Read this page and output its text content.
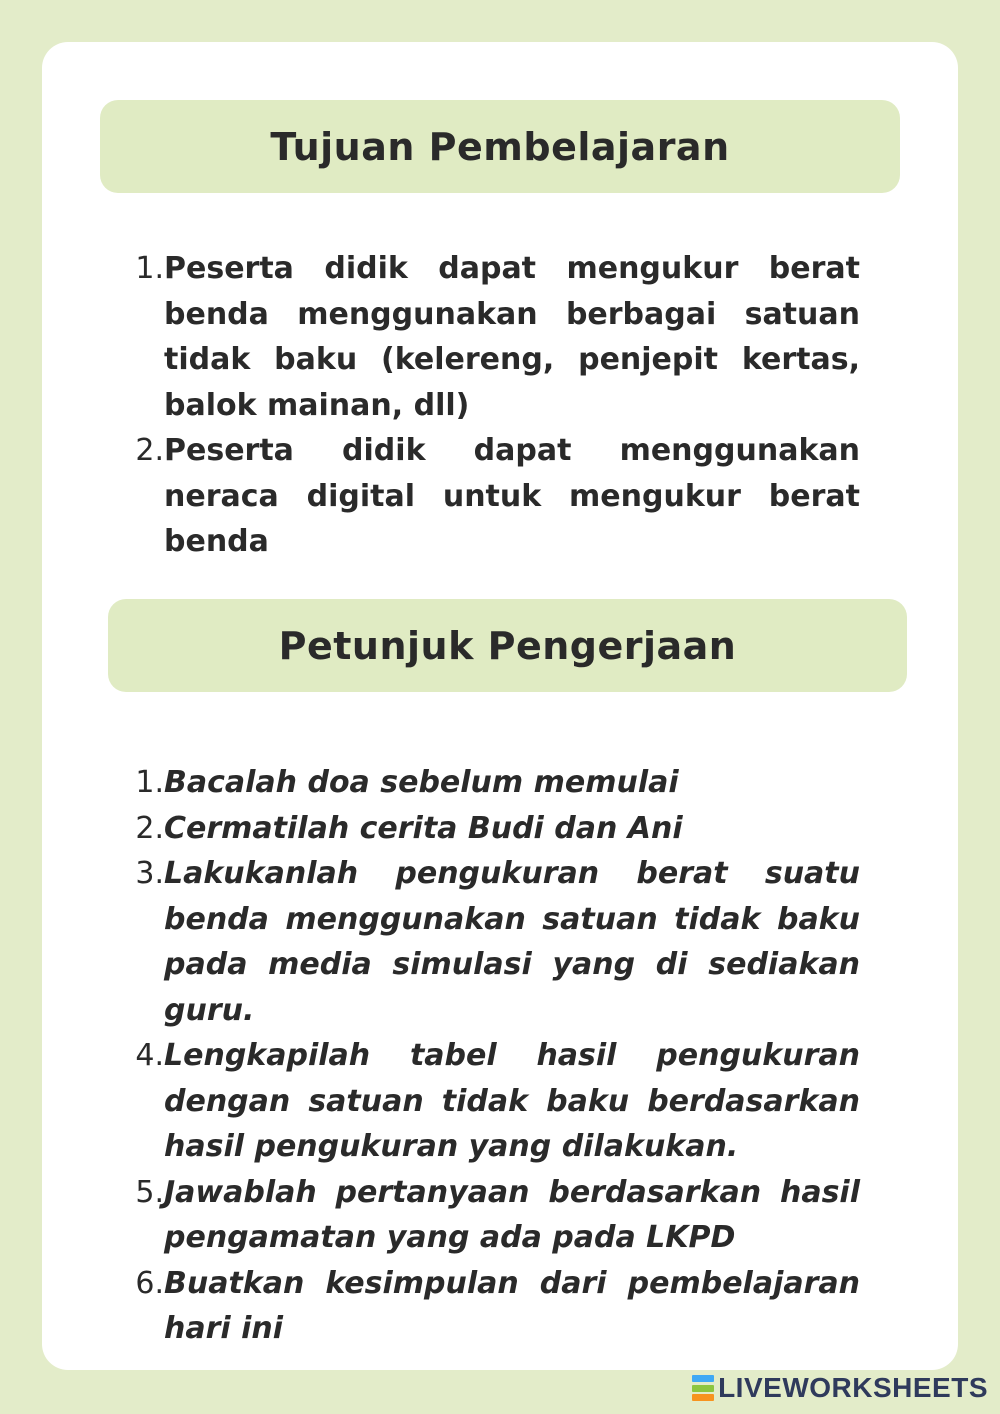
Tujuan Pembelajaran
1. Peserta didik dapat mengukur berat benda menggunakan berbagai satuan tidak baku (kelereng, penjepit kertas, balok mainan, dll)
2. Peserta didik dapat menggunakan neraca digital untuk mengukur berat benda
Petunjuk Pengerjaan
1. Bacalah doa sebelum memulai
2. Cermatilah cerita Budi dan Ani
3. Lakukanlah pengukuran berat suatu benda menggunakan satuan tidak baku pada media simulasi yang di sediakan guru.
4. Lengkapilah tabel hasil pengukuran dengan satuan tidak baku berdasarkan hasil pengukuran yang dilakukan.
5. Jawablah pertanyaan berdasarkan hasil pengamatan yang ada pada LKPD
6. Buatkan kesimpulan dari pembelajaran hari ini
LIVEWORKSHEETS
